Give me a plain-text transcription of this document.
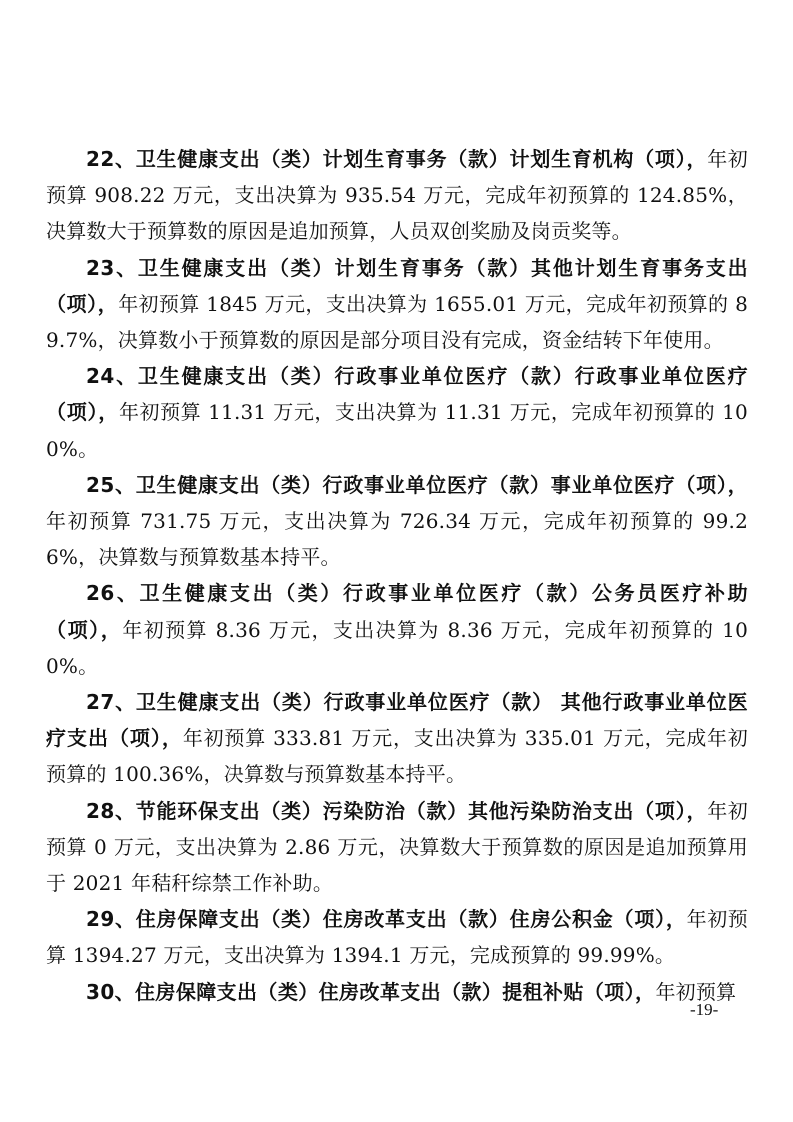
22、卫生健康支出（类）计划生育事务（款）计划生育机构（项），年初预算 908.22 万元，支出决算为 935.54 万元，完成年初预算的 124.85%，决算数大于预算数的原因是追加预算，人员双创奖励及岗贡奖等。

23、卫生健康支出（类）计划生育事务（款）其他计划生育事务支出（项），年初预算 1845 万元，支出决算为 1655.01 万元，完成年初预算的 89.7%，决算数小于预算数的原因是部分项目没有完成，资金结转下年使用。

24、卫生健康支出（类）行政事业单位医疗（款）行政事业单位医疗（项），年初预算 11.31 万元，支出决算为 11.31 万元，完成年初预算的 100%。

25、卫生健康支出（类）行政事业单位医疗（款）事业单位医疗（项），年初预算 731.75 万元，支出决算为 726.34 万元，完成年初预算的 99.26%，决算数与预算数基本持平。

26、卫生健康支出（类）行政事业单位医疗（款）公务员医疗补助（项），年初预算 8.36 万元，支出决算为 8.36 万元，完成年初预算的 100%。

27、卫生健康支出（类）行政事业单位医疗（款） 其他行政事业单位医疗支出（项），年初预算 333.81 万元，支出决算为 335.01 万元，完成年初预算的 100.36%，决算数与预算数基本持平。

28、节能环保支出（类）污染防治（款）其他污染防治支出（项），年初预算 0 万元，支出决算为 2.86 万元，决算数大于预算数的原因是追加预算用于 2021 年秸秆综禁工作补助。

29、住房保障支出（类）住房改革支出（款）住房公积金（项），年初预算 1394.27 万元，支出决算为 1394.1 万元，完成预算的 99.99%。

30、住房保障支出（类）住房改革支出（款）提租补贴（项），年初预算

-19-
